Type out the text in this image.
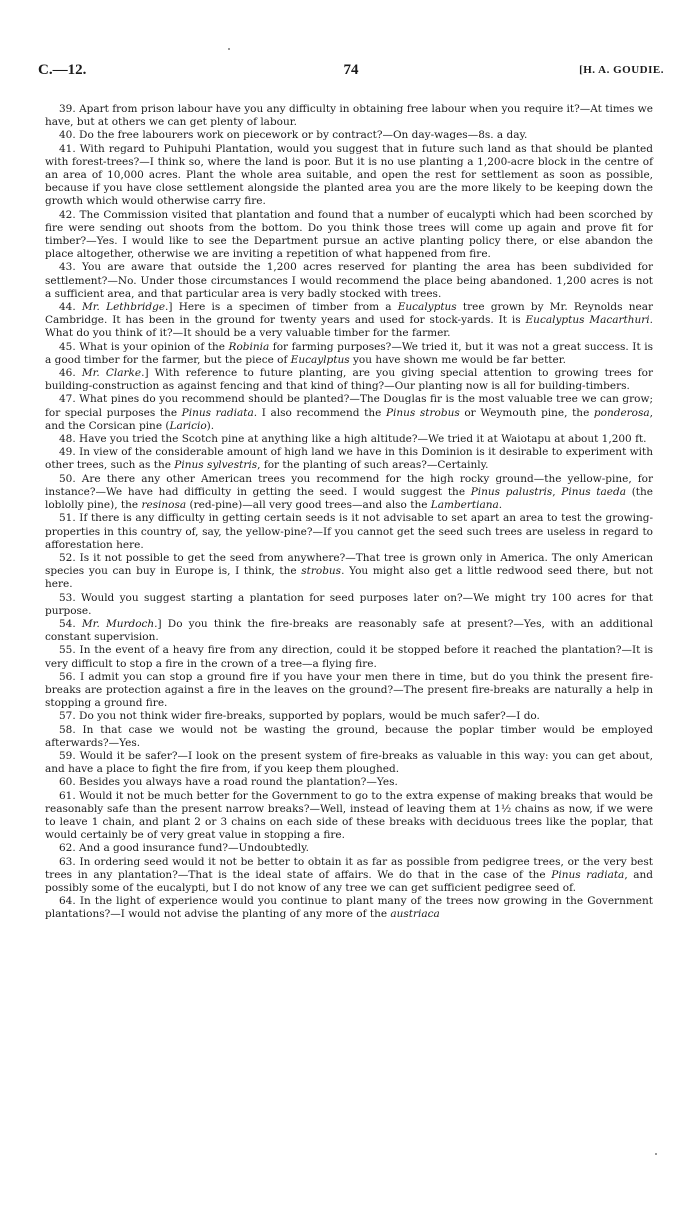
C.—12.	74	[H. A. GOUDIE.

39. Apart from prison labour have you any difficulty in obtaining free labour when you require it?—At times we have, but at others we can get plenty of labour.

40. Do the free labourers work on piecework or by contract?—On day-wages—8s. a day.

41. With regard to Puhipuhi Plantation, would you suggest that in future such land as that should be planted with forest-trees?—I think so, where the land is poor. But it is no use planting a 1,200-acre block in the centre of an area of 10,000 acres. Plant the whole area suitable, and open the rest for settlement as soon as possible, because if you have close settlement alongside the planted area you are the more likely to be keeping down the growth which would otherwise carry fire.

42. The Commission visited that plantation and found that a number of eucalypti which had been scorched by fire were sending out shoots from the bottom. Do you think those trees will come up again and prove fit for timber?—Yes. I would like to see the Department pursue an active planting policy there, or else abandon the place altogether, otherwise we are inviting a repetition of what happened from fire.

43. You are aware that outside the 1,200 acres reserved for planting the area has been subdivided for settlement?—No. Under those circumstances I would recommend the place being abandoned. 1,200 acres is not a sufficient area, and that particular area is very badly stocked with trees.

44. Mr. Lethbridge.] Here is a specimen of timber from a Eucalyptus tree grown by Mr. Reynolds near Cambridge. It has been in the ground for twenty years and used for stock-yards. It is Eucalyptus Macarthuri. What do you think of it?—It should be a very valuable timber for the farmer.

45. What is your opinion of the Robinia for farming purposes?—We tried it, but it was not a great success. It is a good timber for the farmer, but the piece of Eucaylptus you have shown me would be far better.

46. Mr. Clarke.] With reference to future planting, are you giving special attention to growing trees for building-construction as against fencing and that kind of thing?—Our planting now is all for building-timbers.

47. What pines do you recommend should be planted?—The Douglas fir is the most valuable tree we can grow; for special purposes the Pinus radiata. I also recommend the Pinus strobus or Weymouth pine, the ponderosa, and the Corsican pine (Laricio).

48. Have you tried the Scotch pine at anything like a high altitude?—We tried it at Waiotapu at about 1,200 ft.

49. In view of the considerable amount of high land we have in this Dominion is it desirable to experiment with other trees, such as the Pinus sylvestris, for the planting of such areas?—Certainly.

50. Are there any other American trees you recommend for the high rocky ground—the yellow-pine, for instance?—We have had difficulty in getting the seed. I would suggest the Pinus palustris, Pinus taeda (the loblolly pine), the resinosa (red-pine)—all very good trees—and also the Lambertiana.

51. If there is any difficulty in getting certain seeds is it not advisable to set apart an area to test the growing-properties in this country of, say, the yellow-pine?—If you cannot get the seed such trees are useless in regard to afforestation here.

52. Is it not possible to get the seed from anywhere?—That tree is grown only in America. The only American species you can buy in Europe is, I think, the strobus. You might also get a little redwood seed there, but not here.

53. Would you suggest starting a plantation for seed purposes later on?—We might try 100 acres for that purpose.

54. Mr. Murdoch.] Do you think the fire-breaks are reasonably safe at present?—Yes, with an additional constant supervision.

55. In the event of a heavy fire from any direction, could it be stopped before it reached the plantation?—It is very difficult to stop a fire in the crown of a tree—a flying fire.

56. I admit you can stop a ground fire if you have your men there in time, but do you think the present fire-breaks are protection against a fire in the leaves on the ground?—The present fire-breaks are naturally a help in stopping a ground fire.

57. Do you not think wider fire-breaks, supported by poplars, would be much safer?—I do.

58. In that case we would not be wasting the ground, because the poplar timber would be employed afterwards?—Yes.

59. Would it be safer?—I look on the present system of fire-breaks as valuable in this way: you can get about, and have a place to fight the fire from, if you keep them ploughed.

60. Besides you always have a road round the plantation?—Yes.

61. Would it not be much better for the Government to go to the extra expense of making breaks that would be reasonably safe than the present narrow breaks?—Well, instead of leaving them at 1½ chains as now, if we were to leave 1 chain, and plant 2 or 3 chains on each side of these breaks with deciduous trees like the poplar, that would certainly be of very great value in stopping a fire.

62. And a good insurance fund?—Undoubtedly.

63. In ordering seed would it not be better to obtain it as far as possible from pedigree trees, or the very best trees in any plantation?—That is the ideal state of affairs. We do that in the case of the Pinus radiata, and possibly some of the eucalypti, but I do not know of any tree we can get sufficient pedigree seed of.

64. In the light of experience would you continue to plant many of the trees now growing in the Government plantations?—I would not advise the planting of any more of the austriaca
